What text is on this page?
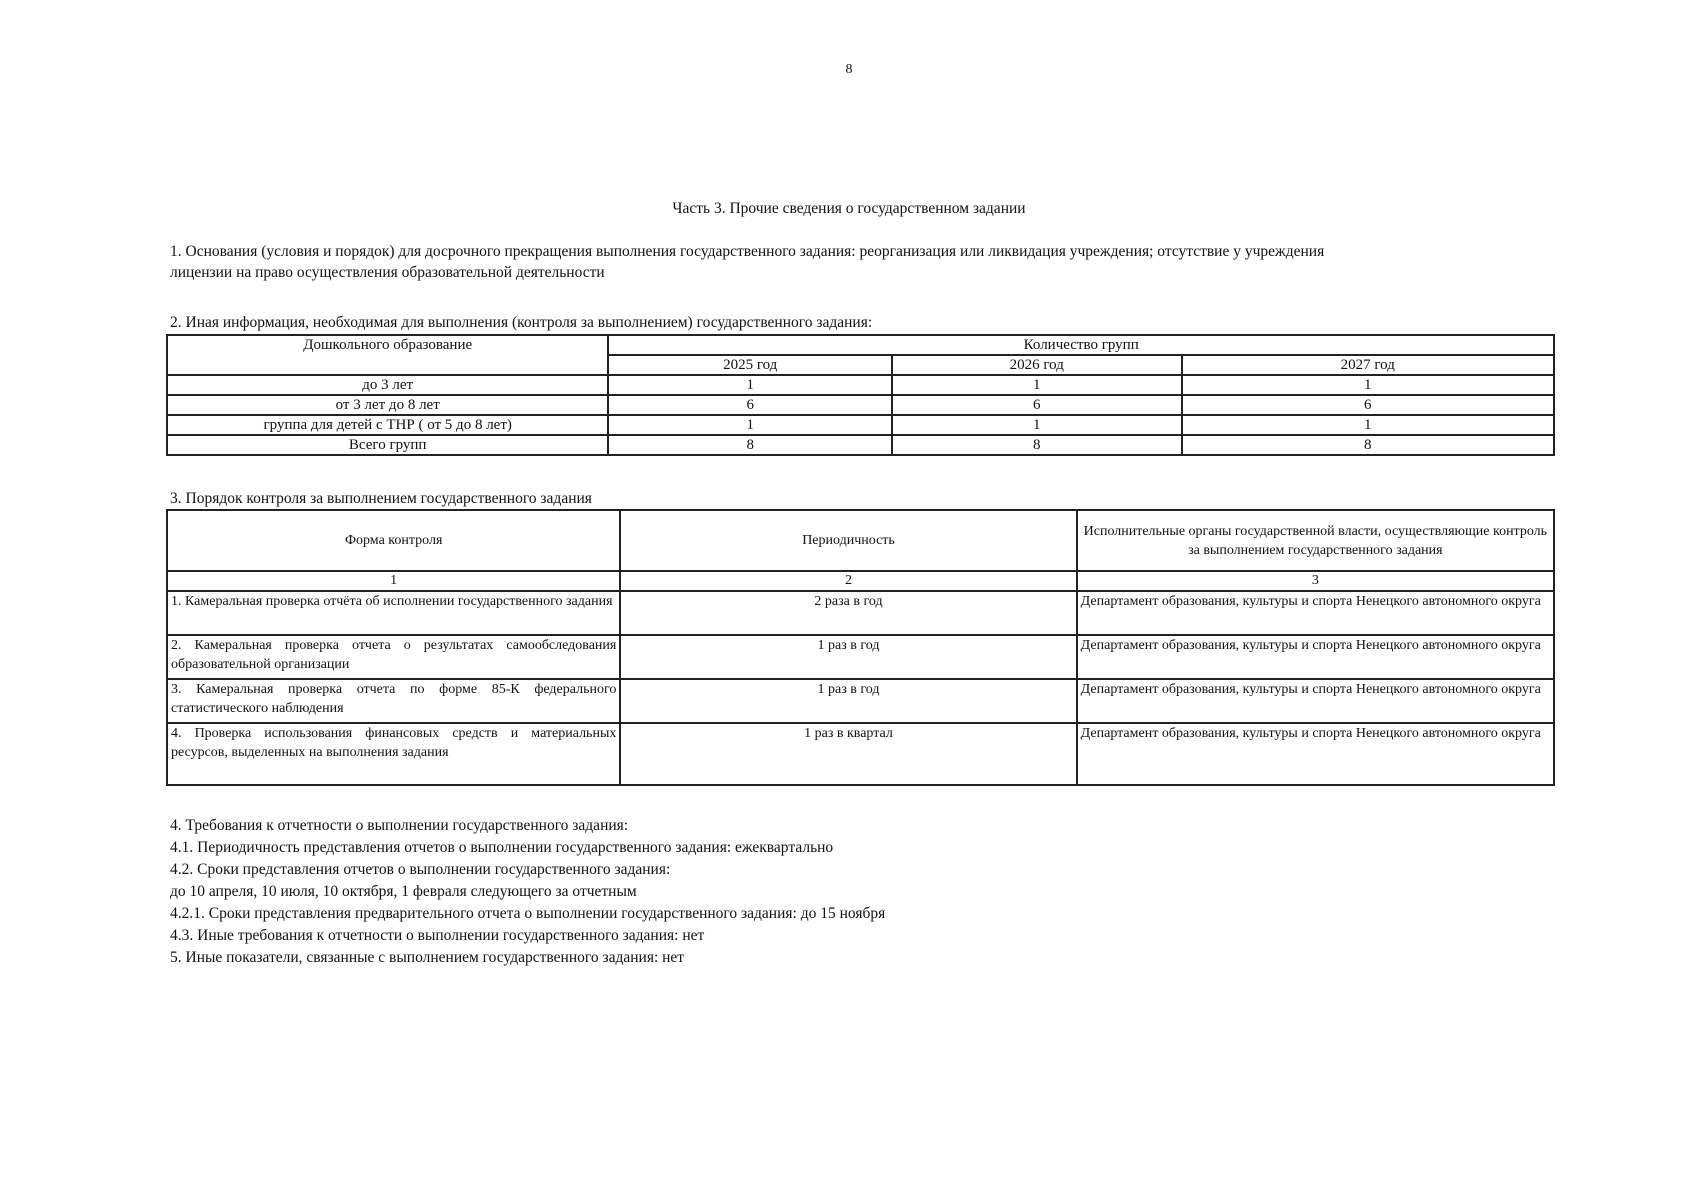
8
Часть 3. Прочие сведения о государственном задании
1. Основания (условия и порядок) для досрочного прекращения выполнения государственного задания: реорганизация или ликвидация учреждения; отсутствие у учреждения
лицензии на право осуществления образовательной деятельности
2. Иная информация, необходимая для выполнения (контроля за выполнением) государственного задания:
Дошкольного образование	Количество групп		
	2025 год	2026 год	2027 год
до 3 лет	1	1	1
от 3 лет до 8 лет	6	6	6
группа для детей с ТНР ( от 5 до 8 лет)	1	1	1
Всего групп	8	8	8
3. Порядок контроля за выполнением государственного задания
Форма контроля	Периодичность	Исполнительные органы государственной власти, осуществляющие контроль за выполнением государственного задания
1	2	3
1. Камеральная проверка отчёта об исполнении государственного задания	2 раза в год	Департамент образования, культуры и спорта Ненецкого автономного округа
2. Камеральная проверка отчета о результатах самообследования образовательной организации	1 раз в год	Департамент образования, культуры и спорта Ненецкого автономного округа
3. Камеральная проверка отчета по форме 85-К федерального статистического наблюдения	1 раз в год	Департамент образования, культуры и спорта Ненецкого автономного округа
4. Проверка использования финансовых средств и материальных ресурсов, выделенных на выполнения задания	1 раз в квартал	Департамент образования, культуры и спорта Ненецкого автономного округа
4. Требования к отчетности о выполнении государственного задания:
4.1. Периодичность представления отчетов о выполнении государственного задания: ежеквартально
4.2. Сроки представления отчетов о выполнении государственного задания:
до 10 апреля, 10 июля, 10 октября, 1 февраля следующего за отчетным
4.2.1. Сроки представления предварительного отчета о выполнении государственного задания: до 15 ноября
4.3. Иные требования к отчетности о выполнении государственного задания: нет
5. Иные показатели, связанные с выполнением государственного задания: нет
